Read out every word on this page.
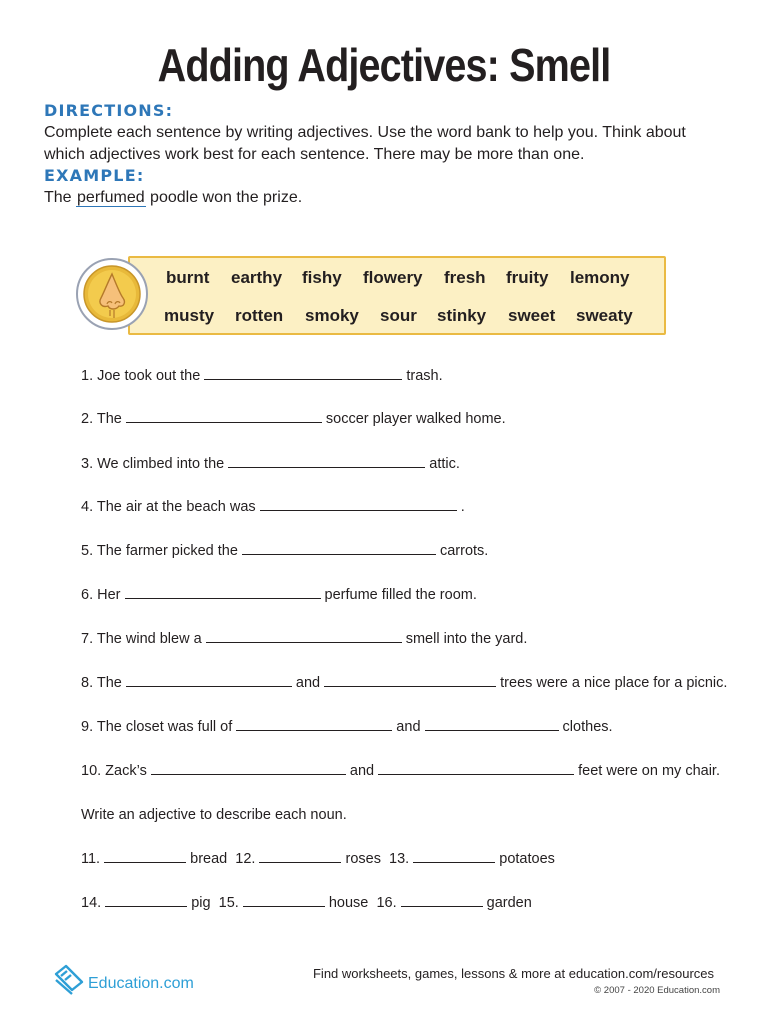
Adding Adjectives: Smell
DIRECTIONS:
Complete each sentence by writing adjectives. Use the word bank to help you. Think about
which adjectives work best for each sentence. There may be more than one.
EXAMPLE:
The perfumed poodle won the prize.
burnt earthy fishy flowery fresh fruity lemony
musty rotten smoky sour stinky sweet sweaty
1. Joe took out the	trash.
2. The	soccer player walked home.
3. We climbed into the	attic.
4. The air at the beach was	.
5. The farmer picked the	carrots.
6. Her	perfume filled the room.
7. The wind blew a	smell into the yard.
8. The	and	trees were a nice place for a picnic.
9. The closet was full of	and	clothes.
10. Zack’s	and	feet were on my chair.
Write an adjective to describe each noun.
11.	bread 12.	roses 13.	potatoes
14.	pig 15.	house 16.	garden
Education.com
Find worksheets, games, lessons & more at education.com/resources
© 2007 - 2020 Education.com
